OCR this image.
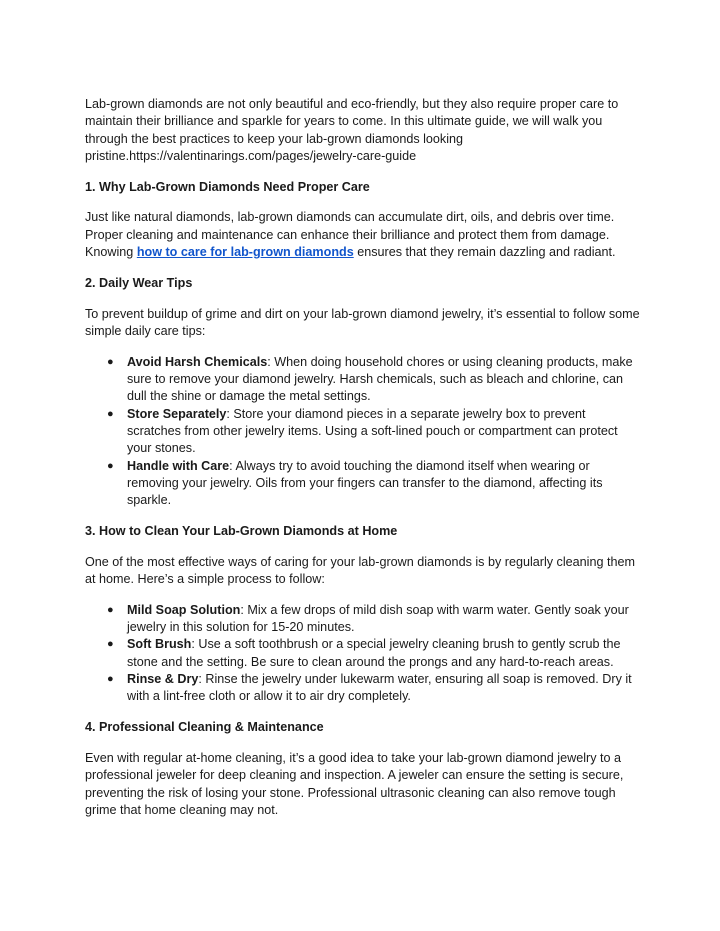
Lab-grown diamonds are not only beautiful and eco-friendly, but they also require proper care to maintain their brilliance and sparkle for years to come. In this ultimate guide, we will walk you through the best practices to keep your lab-grown diamonds looking pristine.https://valentinarings.com/pages/jewelry-care-guide

1. Why Lab-Grown Diamonds Need Proper Care

Just like natural diamonds, lab-grown diamonds can accumulate dirt, oils, and debris over time. Proper cleaning and maintenance can enhance their brilliance and protect them from damage. Knowing how to care for lab-grown diamonds ensures that they remain dazzling and radiant.

2. Daily Wear Tips

To prevent buildup of grime and dirt on your lab-grown diamond jewelry, it’s essential to follow some simple daily care tips:

● Avoid Harsh Chemicals: When doing household chores or using cleaning products, make sure to remove your diamond jewelry. Harsh chemicals, such as bleach and chlorine, can dull the shine or damage the metal settings.
● Store Separately: Store your diamond pieces in a separate jewelry box to prevent scratches from other jewelry items. Using a soft-lined pouch or compartment can protect your stones.
● Handle with Care: Always try to avoid touching the diamond itself when wearing or removing your jewelry. Oils from your fingers can transfer to the diamond, affecting its sparkle.
3. How to Clean Your Lab-Grown Diamonds at Home

One of the most effective ways of caring for your lab-grown diamonds is by regularly cleaning them at home. Here’s a simple process to follow:

● Mild Soap Solution: Mix a few drops of mild dish soap with warm water. Gently soak your jewelry in this solution for 15-20 minutes.
● Soft Brush: Use a soft toothbrush or a special jewelry cleaning brush to gently scrub the stone and the setting. Be sure to clean around the prongs and any hard-to-reach areas.
● Rinse & Dry: Rinse the jewelry under lukewarm water, ensuring all soap is removed. Dry it with a lint-free cloth or allow it to air dry completely.
4. Professional Cleaning & Maintenance

Even with regular at-home cleaning, it’s a good idea to take your lab-grown diamond jewelry to a professional jeweler for deep cleaning and inspection. A jeweler can ensure the setting is secure, preventing the risk of losing your stone. Professional ultrasonic cleaning can also remove tough grime that home cleaning may not.
